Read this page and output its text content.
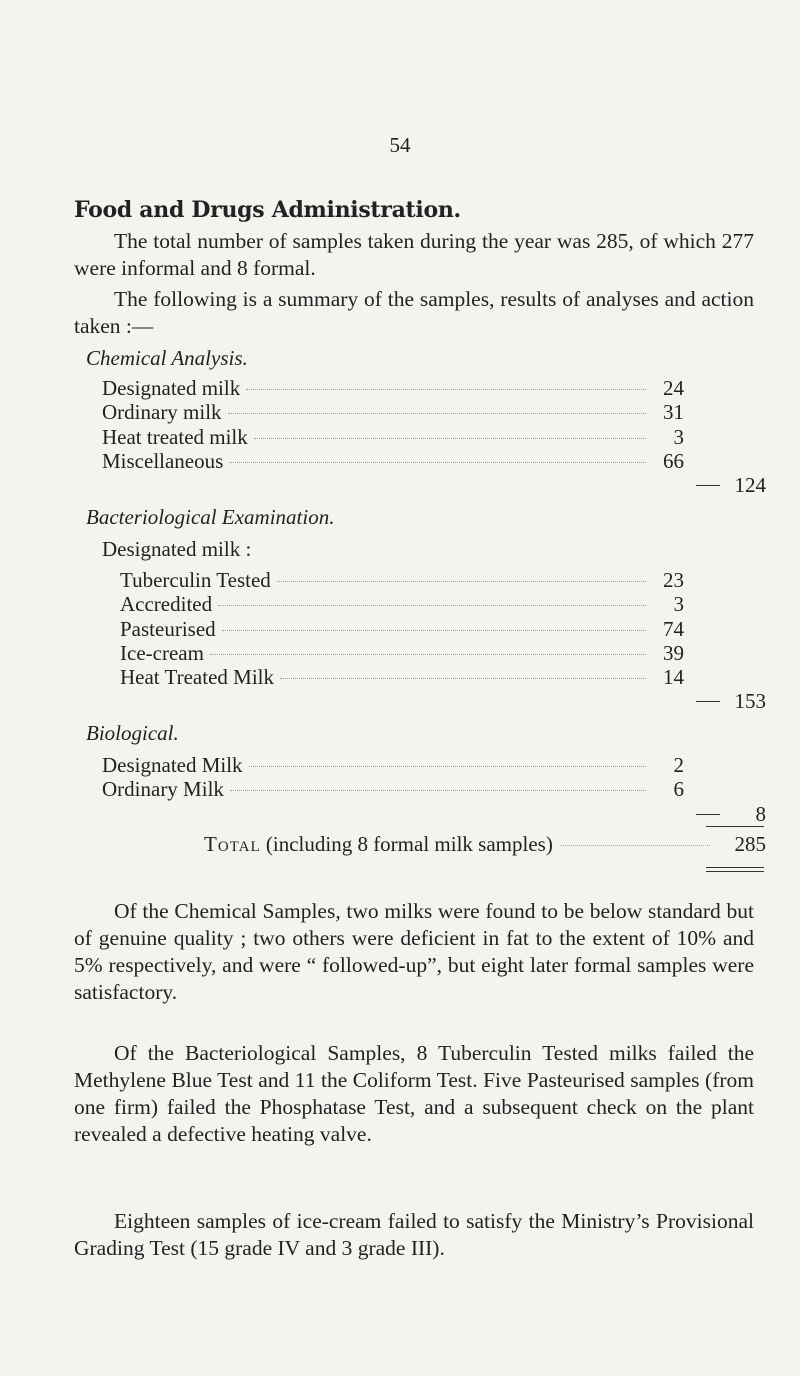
54
Food and Drugs Administration.
The total number of samples taken during the year was 285, of which 277 were informal and 8 formal.
The following is a summary of the samples, results of analyses and action taken :—
Chemical Analysis.
Designated milk	24
Ordinary milk	31
Heat treated milk	3
Miscellaneous	66
124
Bacteriological Examination.
Designated milk :
Tuberculin Tested	23
Accredited	3
Pasteurised	74
Ice-cream	39
Heat Treated Milk	14
153
Biological.
Designated Milk	2
Ordinary Milk	6
8
Total (including 8 formal milk samples)	285
Of the Chemical Samples, two milks were found to be below standard but of genuine quality ; two others were deficient in fat to the extent of 10% and 5% respectively, and were “ followed-up”, but eight later formal samples were satisfactory.
Of the Bacteriological Samples, 8 Tuberculin Tested milks failed the Methylene Blue Test and 11 the Coliform Test. Five Pasteurised samples (from one firm) failed the Phosphatase Test, and a subsequent check on the plant revealed a defective heating valve.
Eighteen samples of ice-cream failed to satisfy the Ministry’s Provisional Grading Test (15 grade IV and 3 grade III).
